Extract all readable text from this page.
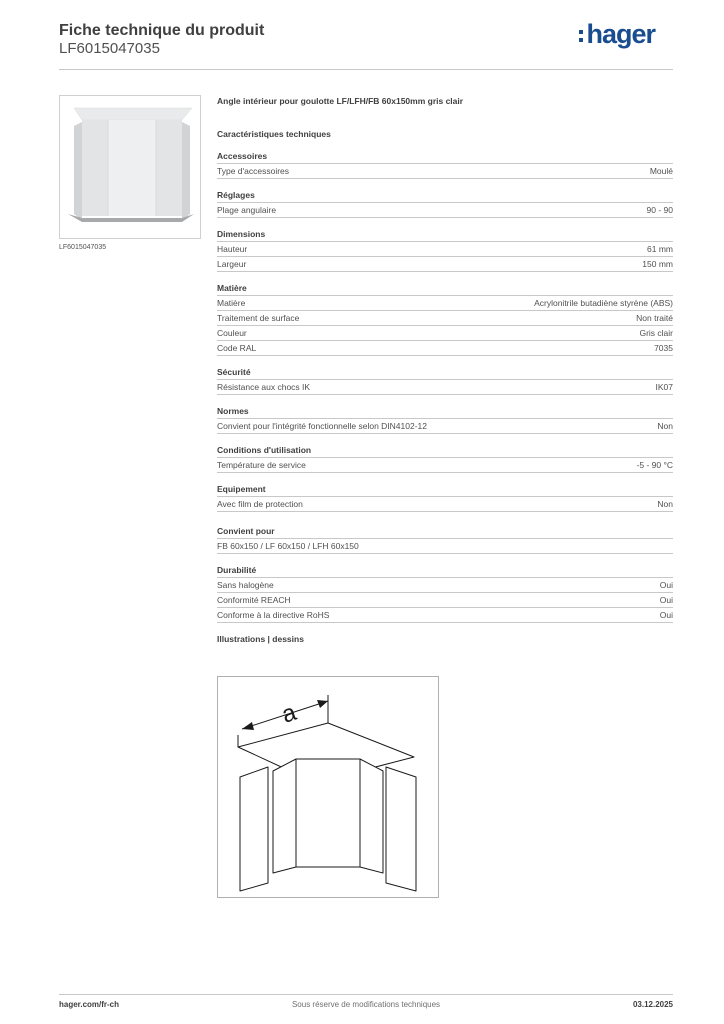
Fiche technique du produit
LF6015047035	hager
LF6015047035
Angle intérieur pour goulotte LF/LFH/FB 60x150mm gris clair
Caractéristiques techniques
Accessoires
Type d'accessoires	Moulé
Réglages
Plage angulaire	90 - 90
Dimensions
Hauteur	61 mm
Largeur	150 mm
Matière
Matière	Acrylonitrile butadiène styrène (ABS)
Traitement de surface	Non traité
Couleur	Gris clair
Code RAL	7035
Sécurité
Résistance aux chocs IK	IK07
Normes
Convient pour l'intégrité fonctionnelle selon DIN4102-12	Non
Conditions d'utilisation
Température de service	-5 - 90 °C
Equipement
Avec film de protection	Non
Convient pour
FB 60x150 / LF 60x150 / LFH 60x150
Durabilité
Sans halogène	Oui
Conformité REACH	Oui
Conforme à la directive RoHS	Oui
Illustrations | dessins
a
Sous réserve de modifications techniques
hager.com/fr-ch	03.12.2025
